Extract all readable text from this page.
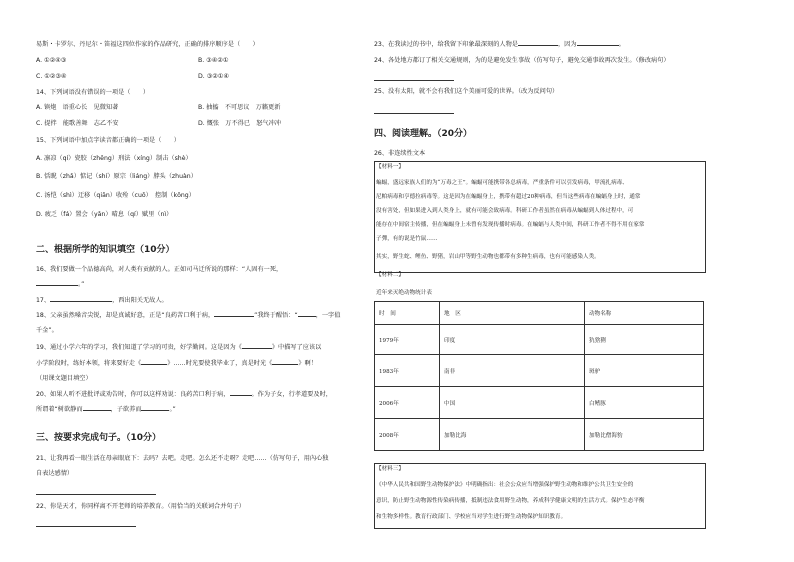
易斯・卡罗尔、丹尼尔・笛福这四位作家的作品研究，正确的排序顺序是（　　）
A. ①②④③	B. ③④②①
C. ①②③④	D. ③②①④
14、下列词语没有错误的一项是（　　）
A. 镇炮　语重心长　见微知著	B. 抽搐　不可思议　万籁更新
C. 提拌　能歌善舞　志乙不安	D. 慨张　万不得已　怒气冲冲
15、下列词语中加点字读音都正确的一项是（　　）
A. 凛凉（qí）瓷胶（zhēng）刑法（xíng）制击（shè）
B. 恬睨（zhǎ）惦记（shí）原宗（liáng）脖头（zhuàn）
C. 汤恺（shì）迂移（qiān）收殓（cuō）　控制（kōng）
D. 疲乏（fá）置会（yǎn）晴息（qí）赋里（nì）
二、根据所学的知识填空（10分）
16、我们要做一个品德高尚，对人类有贡献的人。正如司马迁所说的那样：“人固有一死，
。”
17、	，西出阳关无故人。
18、父亲虽然嗓音尖锐，却是真诚好意，正是“良药苦口利于病，	”我终于醒悟：“	，一字值
千金”。
19、通过小学六年的学习，我们知道了学习的可贵，好学勤问。这是因为《	》中描写了应该以
小学阶段时，练好本领，将来要好走《	》……时光要使我毕业了，真是时光《	》啊！
（用课文题目填空）
20、如果人听不进批评或劝告时，你可以这样劝说：良药苦口利于病，	。作为子女，行孝道要及时，
所谓着“树欲静而	，子欲养而	。”
三、按要求完成句子。（10分）
21、让我再看一眼生活在母亲眼底下：去吗？去吧。走吧。怎么还不走呀？走吧……（仿写句子，用內心独
自表达感情）
22、你是天才，你同样离不开老师的培养教育。（用恰当的关联词合并句子）
23、在我读过的书中，给我留下印象最深刻的人物是	，因为	。
24、各处地方都订了相关交通规则，为的是避免发生事故（仿写句子，避免交通事故再次发生。（修改病句）
25、没有太阳，就不会有我们这个美丽可爱的世界。（改为反问句）
四、阅读理解。（20分）
26、非连续性文本
【材料一】
蝙蝠，盛远家族人们的为“万毒之王”。蝙蝠可能携带各总病毒，严重条件可以引发病毒，甲流扎病毒、
尼帕病毒和亨德拉病毒等。这是因为在蝙蝠身上，携带有超过20种病毒，但当这些病毒在蝙蝠身上时，通常
没有害处，但如果进入到人类身上，就有可能会致病毒。科研工作者虽然在病毒从蝙蝠到人体过程中，可
能存在中间宿主传播，但在蝙蝠身上未曾有发现传播时病毒。在蝙蝠与人类中间，科研工作者不得不用在家常
子彈，有的说是竹鼠……
其实，野生蛇、鲤鱼、野猪，岩山甲等野生动物也都带有多种生病毒，也有可能感染人类。
【材料二】
近年来灭绝动物统计表
时　间	地　区	动物名称
1979年	印度	犰猞猁
1983年	南非	斑驴
2006年	中国	白鳍豚
2008年	加勒比海	加勒比僧海豹
【材料三】
《中华人民共和国野生动物保护法》中明确指出：社会公众应当增强保护野生动物和维护公共卫生安全的
意识，防止野生动物源性传染病传播，抵制违法食用野生动物，养成科学健康文明的生活方式。保护生态平衡
和生物多样性。教育行政部门、学校应当对学生进行野生动物保护知识教育。
